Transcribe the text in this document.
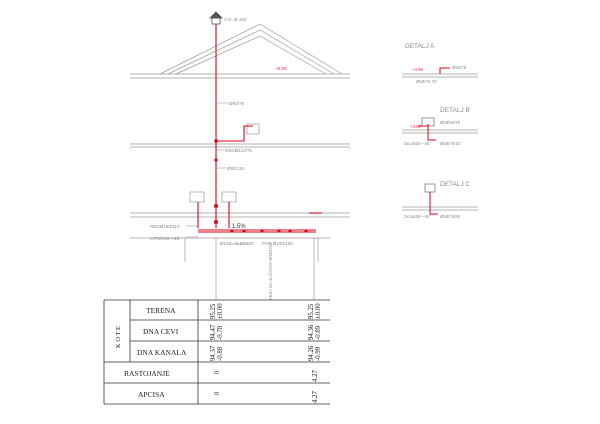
V.G. Ø 360
+5.55
Ø50/75
REDØ110/75
Ø90/110
REDØ160/110
LATØ160—45°
1.5%
Ø160—k-98/100 PVC Ø160/100
VEZA SA ULIČNOM MREŽOM
DETALJ A
+4.00	Ø50/75
Ø58/75,75°
DETALJ B
+3.00
Ø58/50/75
Ø58/75/45°
2xLuk50—45°
DETALJ C
Ø58/75/50
2xLuk50—45°
K O T E
TERENA
DNA CEVI
DNA KANALA
RASTOJANJE
APCISA
95.25 ±0.00
94.47 -0.78
94.37 -0.88
0
0
95.25 ±0.00
94.36 -0.89
94.26 -0.99
4.27
4.27
